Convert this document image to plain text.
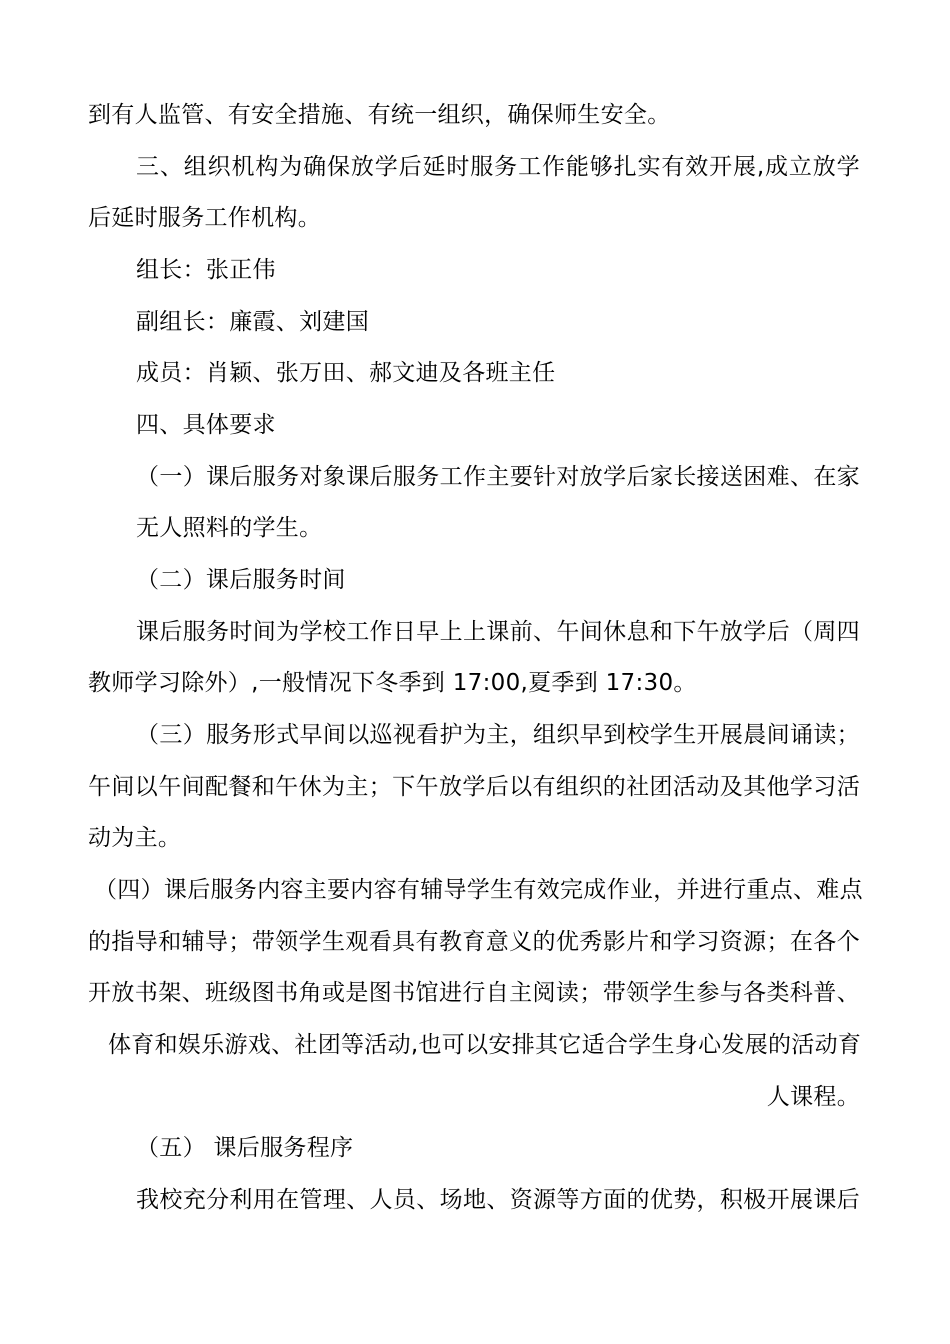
到有人监管、有安全措施、有统一组织，确保师生安全。
三、组织机构为确保放学后延时服务工作能够扎实有效开展,成立放学
后延时服务工作机构。
组长：张正伟
副组长：廉霞、刘建国
成员：肖颖、张万田、郝文迪及各班主任
四、具体要求
（一）课后服务对象课后服务工作主要针对放学后家长接送困难、在家
无人照料的学生。
（二）课后服务时间
课后服务时间为学校工作日早上上课前、午间休息和下午放学后（周四
教师学习除外）,一般情况下冬季到 17:00,夏季到 17:30。
（三）服务形式早间以巡视看护为主，组织早到校学生开展晨间诵读；
午间以午间配餐和午休为主；下午放学后以有组织的社团活动及其他学习活
动为主。
（四）课后服务内容主要内容有辅导学生有效完成作业，并进行重点、难点
的指导和辅导；带领学生观看具有教育意义的优秀影片和学习资源；在各个
开放书架、班级图书角或是图书馆进行自主阅读；带领学生参与各类科普、
体育和娱乐游戏、社团等活动,也可以安排其它适合学生身心发展的活动育
人课程。
（五） 课后服务程序
我校充分利用在管理、人员、场地、资源等方面的优势，积极开展课后
